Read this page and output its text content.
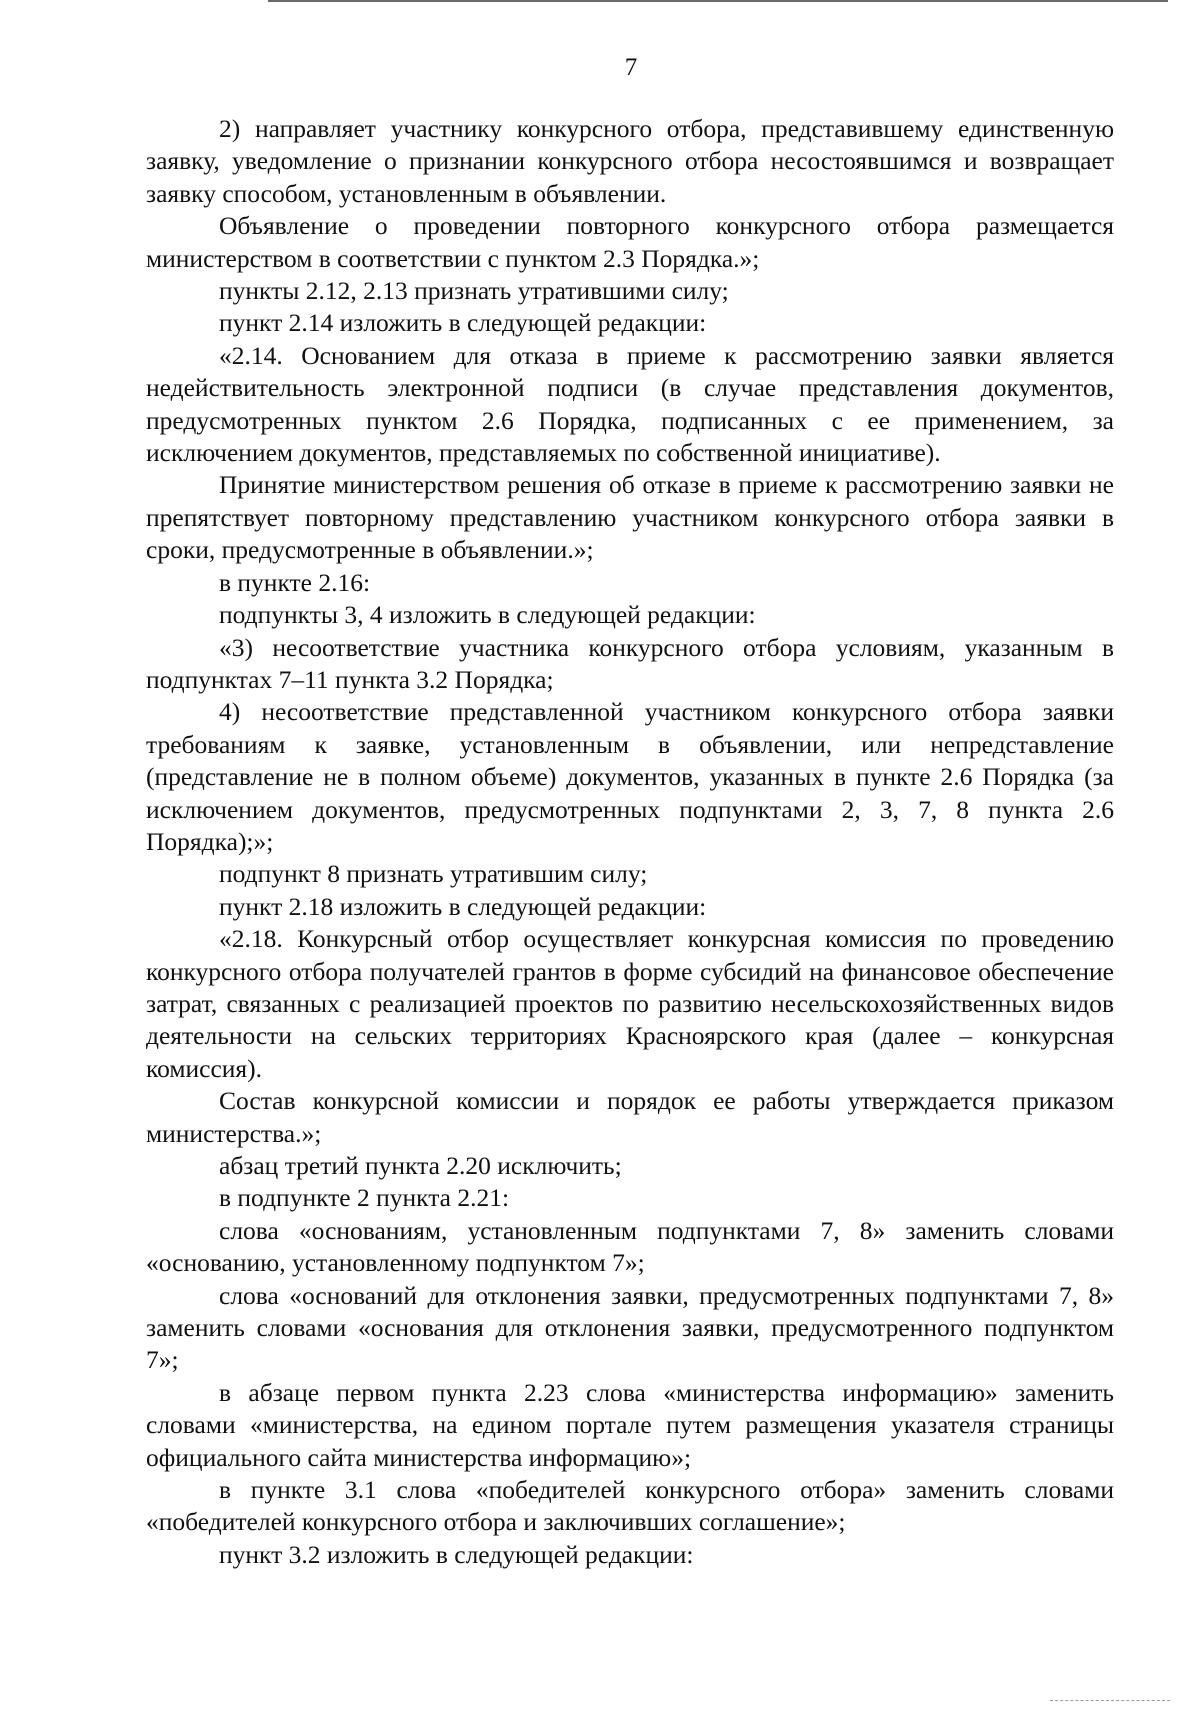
7

2) направляет участнику конкурсного отбора, представившему единственную заявку, уведомление о признании конкурсного отбора несостоявшимся и возвращает заявку способом, установленным в объявлении.

Объявление о проведении повторного конкурсного отбора размещается министерством в соответствии с пунктом 2.3 Порядка.»;

пункты 2.12, 2.13 признать утратившими силу;

пункт 2.14 изложить в следующей редакции:

«2.14. Основанием для отказа в приеме к рассмотрению заявки является недействительность электронной подписи (в случае представления документов, предусмотренных пунктом 2.6 Порядка, подписанных с ее применением, за исключением документов, представляемых по собственной инициативе).

Принятие министерством решения об отказе в приеме к рассмотрению заявки не препятствует повторному представлению участником конкурсного отбора заявки в сроки, предусмотренные в объявлении.»;

в пункте 2.16:

подпункты 3, 4 изложить в следующей редакции:

«3) несоответствие участника конкурсного отбора условиям, указанным в подпунктах 7–11 пункта 3.2 Порядка;

4) несоответствие представленной участником конкурсного отбора заявки требованиям к заявке, установленным в объявлении, или непредставление (представление не в полном объеме) документов, указанных в пункте 2.6 Порядка (за исключением документов, предусмотренных подпунктами 2, 3, 7, 8 пункта 2.6 Порядка);»;

подпункт 8 признать утратившим силу;

пункт 2.18 изложить в следующей редакции:

«2.18. Конкурсный отбор осуществляет конкурсная комиссия по проведению конкурсного отбора получателей грантов в форме субсидий на финансовое обеспечение затрат, связанных с реализацией проектов по развитию несельскохозяйственных видов деятельности на сельских территориях Красноярского края (далее – конкурсная комиссия).

Состав конкурсной комиссии и порядок ее работы утверждается приказом министерства.»;

абзац третий пункта 2.20 исключить;

в подпункте 2 пункта 2.21:

слова «основаниям, установленным подпунктами 7, 8» заменить словами «основанию, установленному подпунктом 7»;

слова «оснований для отклонения заявки, предусмотренных подпунктами 7, 8» заменить словами «основания для отклонения заявки, предусмотренного подпунктом 7»;

в абзаце первом пункта 2.23 слова «министерства информацию» заменить словами «министерства, на едином портале путем размещения указателя страницы официального сайта министерства информацию»;

в пункте 3.1 слова «победителей конкурсного отбора» заменить словами «победителей конкурсного отбора и заключивших соглашение»;

пункт 3.2 изложить в следующей редакции:
